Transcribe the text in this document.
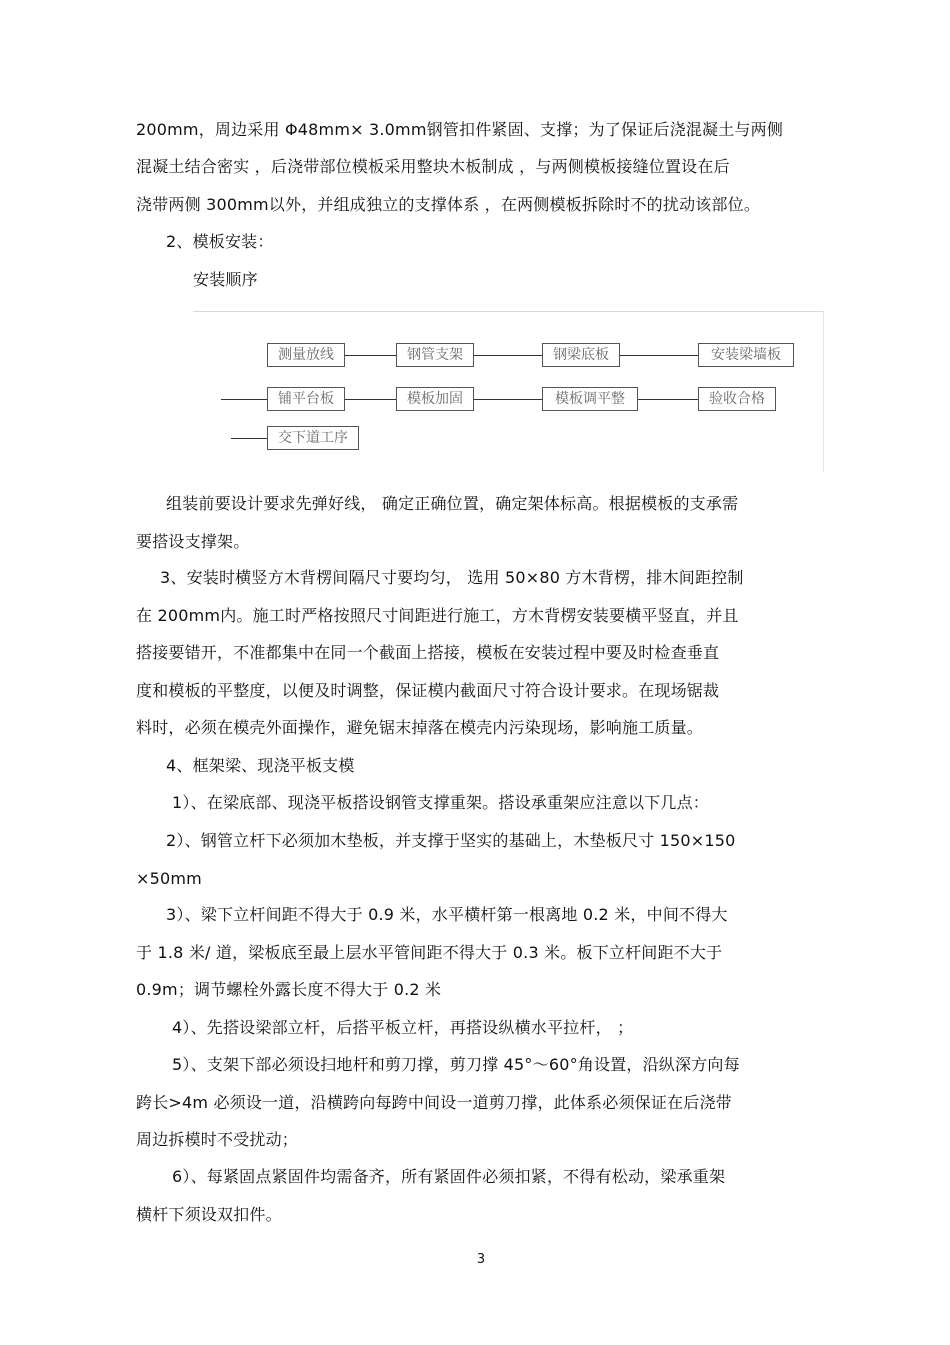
200mm，周边采用 Φ48mm× 3.0mm钢管扣件紧固、支撑；为了保证后浇混凝土与两侧
混凝土结合密实 ，后浇带部位模板采用整块木板制成 ，与两侧模板接缝位置设在后
浇带两侧 300mm以外，并组成独立的支撑体系 ，在两侧模板拆除时不的扰动该部位。
2、模板安装：
安装顺序
测量放线	钢管支架	钢梁底板	安装梁墙板
铺平台板	模板加固	模板调平整	验收合格
交下道工序
组装前要设计要求先弹好线， 确定正确位置，确定架体标高。根据模板的支承需
要搭设支撑架。
3、安装时横竖方木背楞间隔尺寸要均匀， 选用 50×80 方木背楞，排木间距控制
在 200mm内。施工时严格按照尺寸间距进行施工，方木背楞安装要横平竖直，并且
搭接要错开，不准都集中在同一个截面上搭接，模板在安装过程中要及时检查垂直
度和模板的平整度，以便及时调整，保证模内截面尺寸符合设计要求。在现场锯裁
料时，必须在模壳外面操作，避免锯末掉落在模壳内污染现场，影响施工质量。
4、框架梁、现浇平板支模
1）、在梁底部、现浇平板搭设钢管支撑重架。搭设承重架应注意以下几点：
2）、钢管立杆下必须加木垫板，并支撑于坚实的基础上，木垫板尺寸 150×150
×50mm
3）、梁下立杆间距不得大于 0.9 米，水平横杆第一根离地 0.2 米，中间不得大
于 1.8 米/ 道，梁板底至最上层水平管间距不得大于 0.3 米。板下立杆间距不大于
0.9m；调节螺栓外露长度不得大于 0.2 米
4）、先搭设梁部立杆，后搭平板立杆，再搭设纵横水平拉杆， ；
5）、支架下部必须设扫地杆和剪刀撑，剪刀撑 45°～60°角设置，沿纵深方向每
跨长>4m 必须设一道，沿横跨向每跨中间设一道剪刀撑，此体系必须保证在后浇带
周边拆模时不受扰动；
6）、每紧固点紧固件均需备齐，所有紧固件必须扣紧，不得有松动，梁承重架
横杆下须设双扣件。
3
